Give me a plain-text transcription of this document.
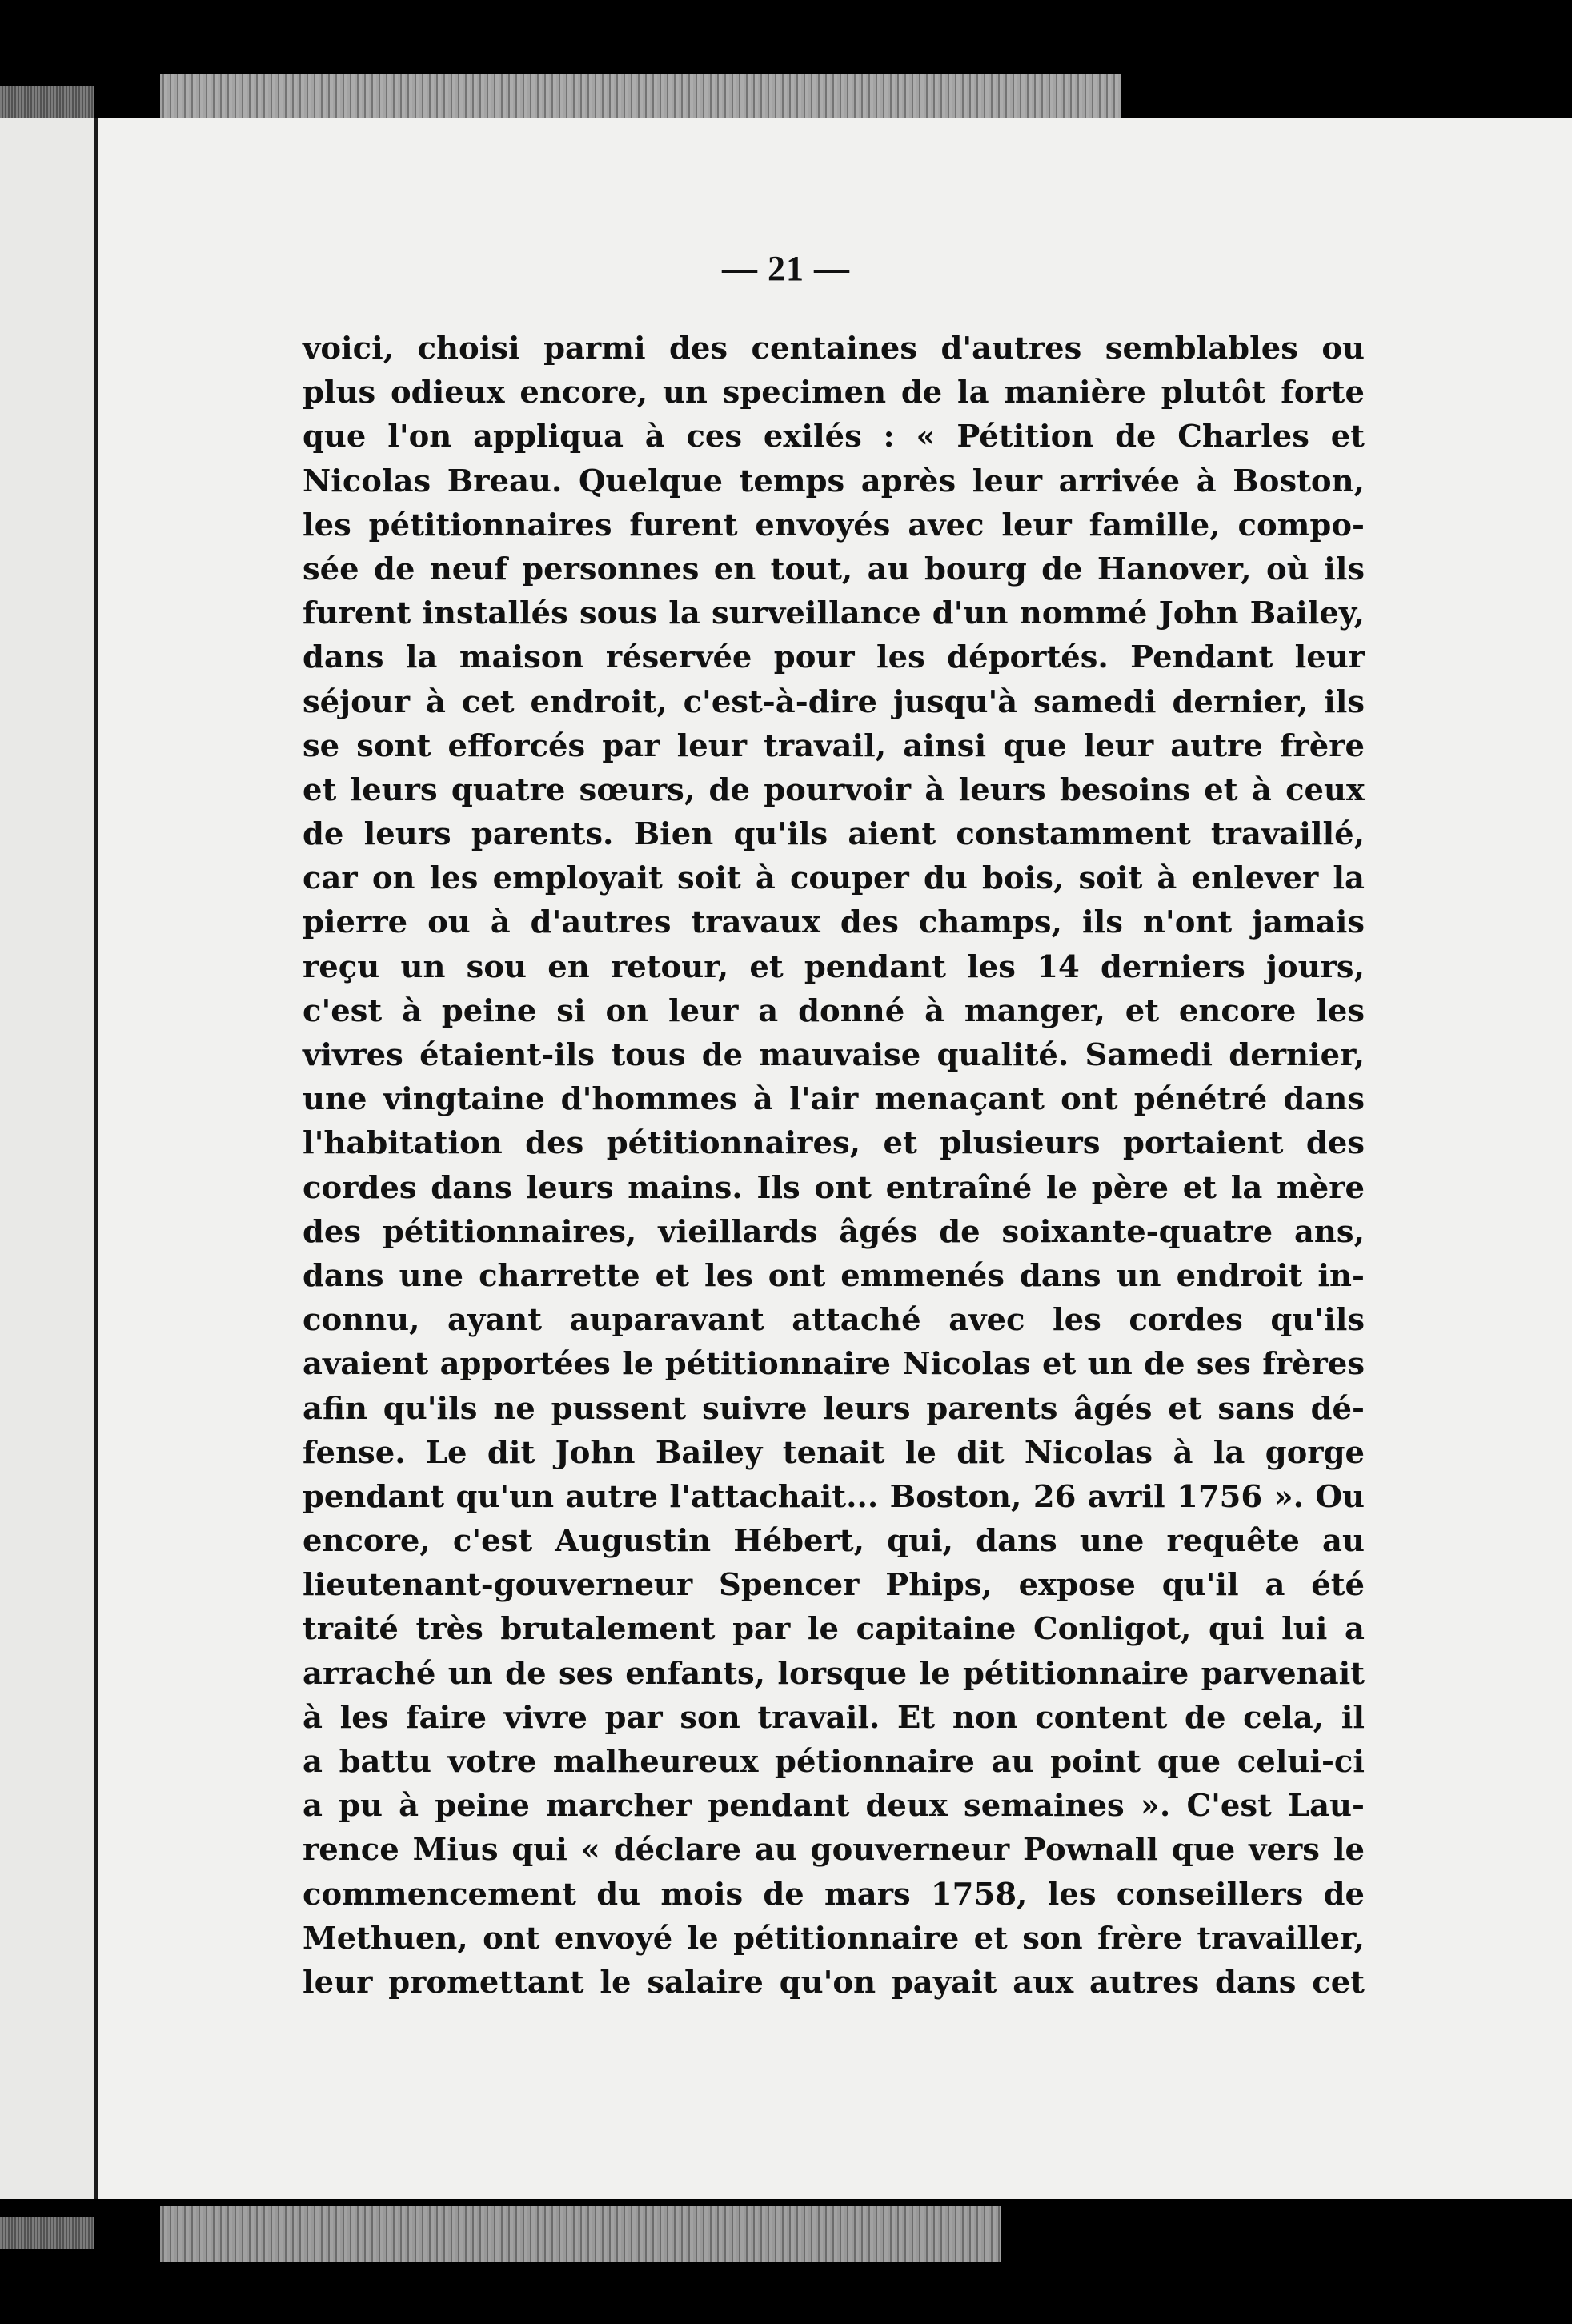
— 21 —
voici, choisi parmi des centaines d'autres semblables ou
plus odieux encore, un specimen de la manière plutôt forte
que l'on appliqua à ces exilés : « Pétition de Charles et
Nicolas Breau. Quelque temps après leur arrivée à Boston,
les pétitionnaires furent envoyés avec leur famille, compo-
sée de neuf personnes en tout, au bourg de Hanover, où ils
furent installés sous la surveillance d'un nommé John Bailey,
dans la maison réservée pour les déportés. Pendant leur
séjour à cet endroit, c'est-à-dire jusqu'à samedi dernier, ils
se sont efforcés par leur travail, ainsi que leur autre frère
et leurs quatre sœurs, de pourvoir à leurs besoins et à ceux
de leurs parents. Bien qu'ils aient constamment travaillé,
car on les employait soit à couper du bois, soit à enlever la
pierre ou à d'autres travaux des champs, ils n'ont jamais
reçu un sou en retour, et pendant les 14 derniers jours,
c'est à peine si on leur a donné à manger, et encore les
vivres étaient-ils tous de mauvaise qualité. Samedi dernier,
une vingtaine d'hommes à l'air menaçant ont pénétré dans
l'habitation des pétitionnaires, et plusieurs portaient des
cordes dans leurs mains. Ils ont entraîné le père et la mère
des pétitionnaires, vieillards âgés de soixante-quatre ans,
dans une charrette et les ont emmenés dans un endroit in-
connu, ayant auparavant attaché avec les cordes qu'ils
avaient apportées le pétitionnaire Nicolas et un de ses frères
afin qu'ils ne pussent suivre leurs parents âgés et sans dé-
fense. Le dit John Bailey tenait le dit Nicolas à la gorge
pendant qu'un autre l'attachait... Boston, 26 avril 1756 ». Ou
encore, c'est Augustin Hébert, qui, dans une requête au
lieutenant-gouverneur Spencer Phips, expose qu'il a été
traité très brutalement par le capitaine Conligot, qui lui a
arraché un de ses enfants, lorsque le pétitionnaire parvenait
à les faire vivre par son travail. Et non content de cela, il
a battu votre malheureux pétionnaire au point que celui-ci
a pu à peine marcher pendant deux semaines ». C'est Lau-
rence Mius qui « déclare au gouverneur Pownall que vers le
commencement du mois de mars 1758, les conseillers de
Methuen, ont envoyé le pétitionnaire et son frère travailler,
leur promettant le salaire qu'on payait aux autres dans cet
